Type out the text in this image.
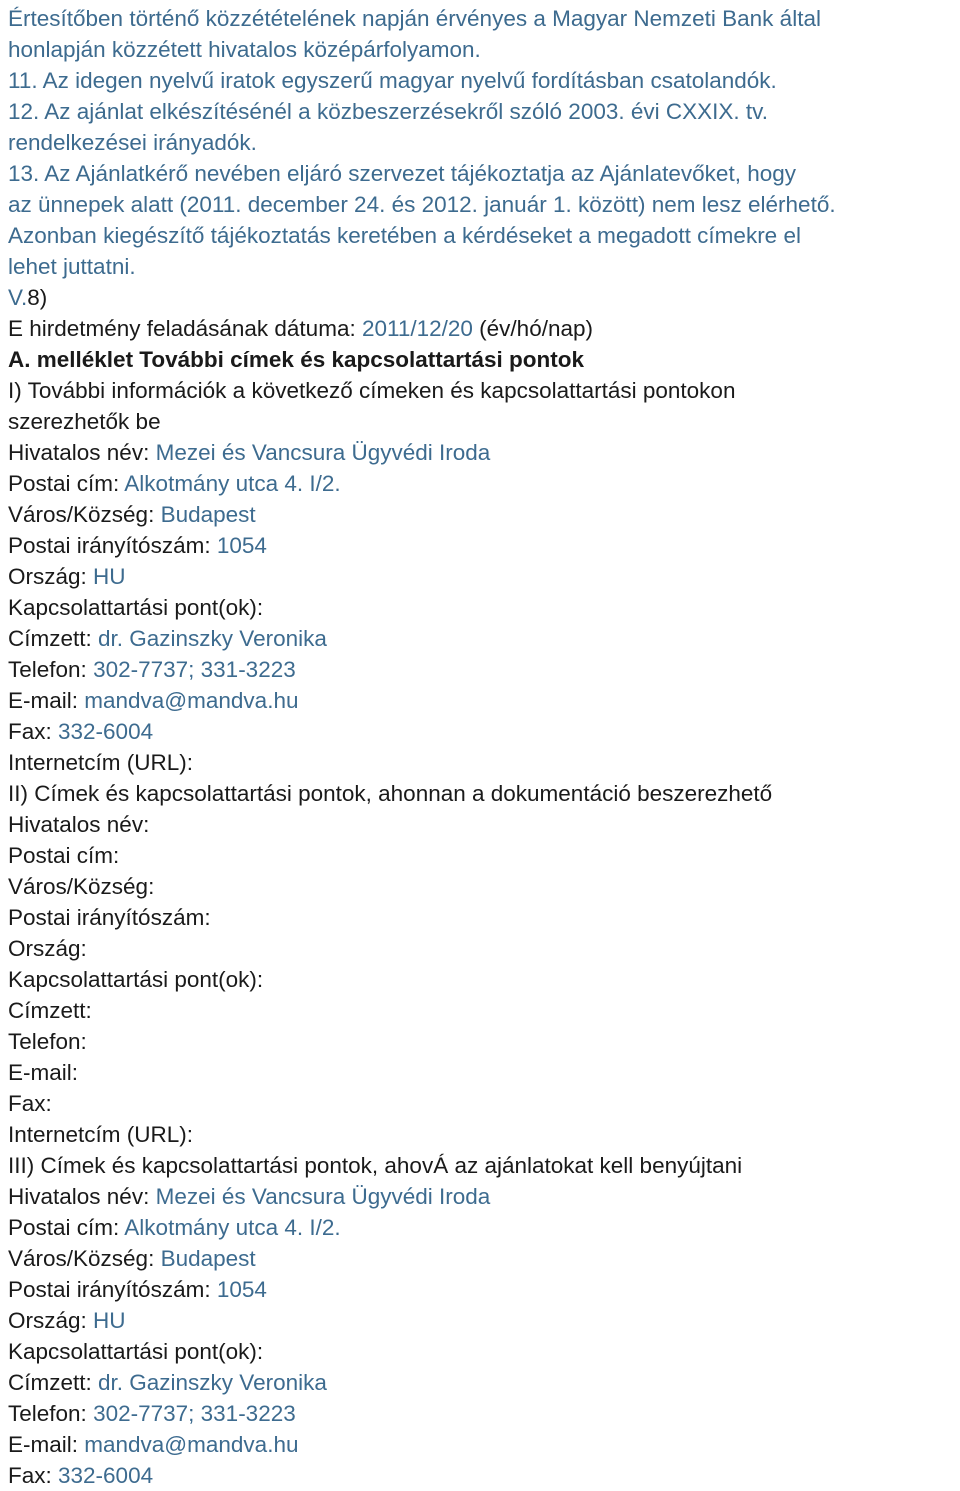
Értesítőben történő közzétételének napján érvényes a Magyar Nemzeti Bank által
honlapján közzétett hivatalos középárfolyamon.
11. Az idegen nyelvű iratok egyszerű magyar nyelvű fordításban csatolandók.
12. Az ajánlat elkészítésénél a közbeszerzésekről szóló 2003. évi CXXIX. tv.
rendelkezései irányadók.
13. Az Ajánlatkérő nevében eljáró szervezet tájékoztatja az Ajánlatevőket, hogy
az ünnepek alatt (2011. december 24. és 2012. január 1. között) nem lesz elérhető.
Azonban kiegészítő tájékoztatás keretében a kérdéseket a megadott címekre el
lehet juttatni.
V.8)
E hirdetmény feladásának dátuma: 2011/12/20 (év/hó/nap)
A. melléklet További címek és kapcsolattartási pontok
I) További információk a következő címeken és kapcsolattartási pontokon
szerezhetők be
Hivatalos név: Mezei és Vancsura Ügyvédi Iroda
Postai cím: Alkotmány utca 4. I/2.
Város/Község: Budapest
Postai irányítószám: 1054
Ország: HU
Kapcsolattartási pont(ok):
Címzett: dr. Gazinszky Veronika
Telefon: 302-7737; 331-3223
E-mail: mandva@mandva.hu
Fax: 332-6004
Internetcím (URL):
II) Címek és kapcsolattartási pontok, ahonnan a dokumentáció beszerezhető
Hivatalos név:
Postai cím:
Város/Község:
Postai irányítószám:
Ország:
Kapcsolattartási pont(ok):
Címzett:
Telefon:
E-mail:
Fax:
Internetcím (URL):
III) Címek és kapcsolattartási pontok, ahovÁ az ajánlatokat kell benyújtani
Hivatalos név: Mezei és Vancsura Ügyvédi Iroda
Postai cím: Alkotmány utca 4. I/2.
Város/Község: Budapest
Postai irányítószám: 1054
Ország: HU
Kapcsolattartási pont(ok):
Címzett: dr. Gazinszky Veronika
Telefon: 302-7737; 331-3223
E-mail: mandva@mandva.hu
Fax: 332-6004
